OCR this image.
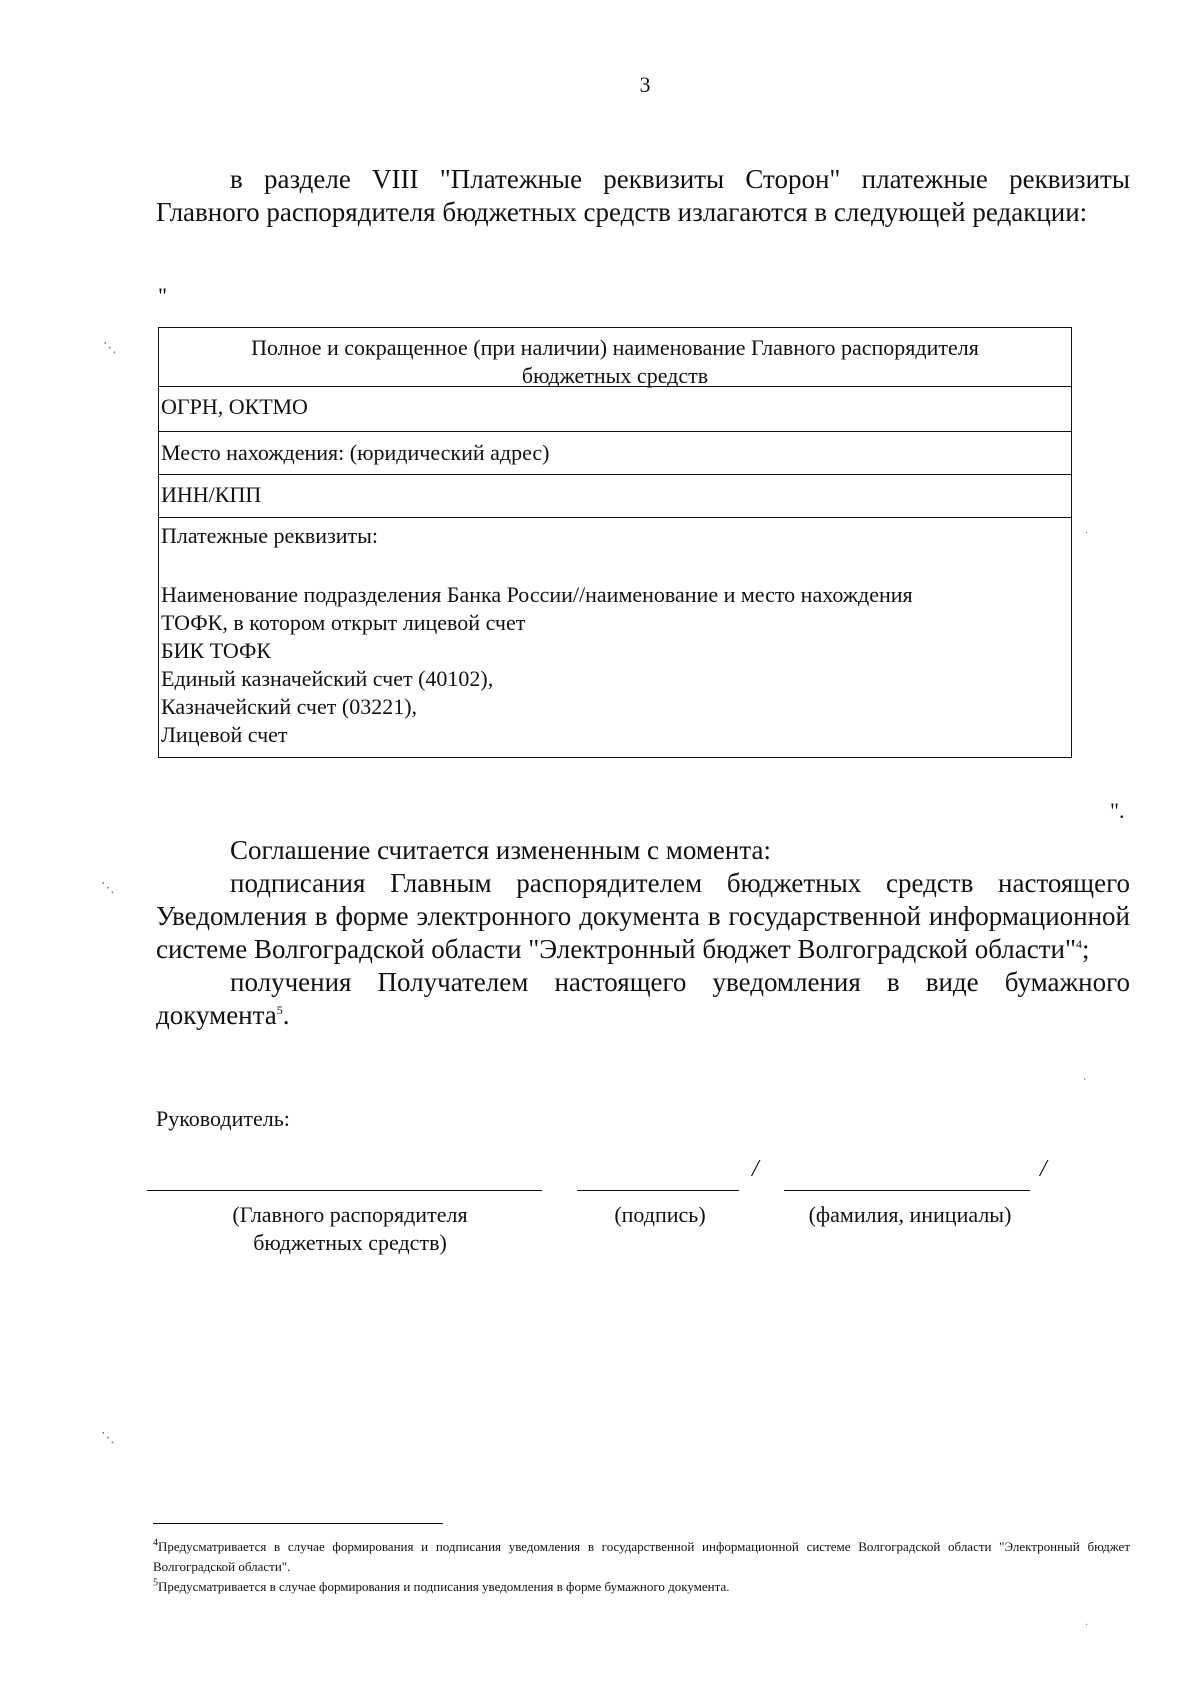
3

в разделе VIII "Платежные реквизиты Сторон" платежные реквизиты Главного распорядителя бюджетных средств излагаются в следующей редакции:

"
Полное и сокращенное (при наличии) наименование Главного распорядителя бюджетных средств
ОГРН, ОКТМО
Место нахождения: (юридический адрес)
ИНН/КПП
Платежные реквизиты:
Наименование подразделения Банка России//наименование и место нахождения
ТОФК, в котором открыт лицевой счет
БИК ТОФК
Единый казначейский счет (40102),
Казначейский счет (03221),
Лицевой счет
".

Соглашение считается измененным с момента:

подписания Главным распорядителем бюджетных средств настоящего Уведомления в форме электронного документа в государственной информационной системе Волгоградской области "Электронный бюджет Волгоградской области"$^4$;

получения Получателем настоящего уведомления в виде бумажного документа$^5$.

Руководитель:
/	/
(Главного распорядителя бюджетных средств)
(подпись)	(фамилия, инициалы)

$^4$Предусматривается в случае формирования и подписания уведомления в государственной информационной системе Волгоградской области "Электронный бюджет Волгоградской области".

$^5$Предусматривается в случае формирования и подписания уведомления в форме бумажного документа.

⋱
⋱
⋱
·
·
·
